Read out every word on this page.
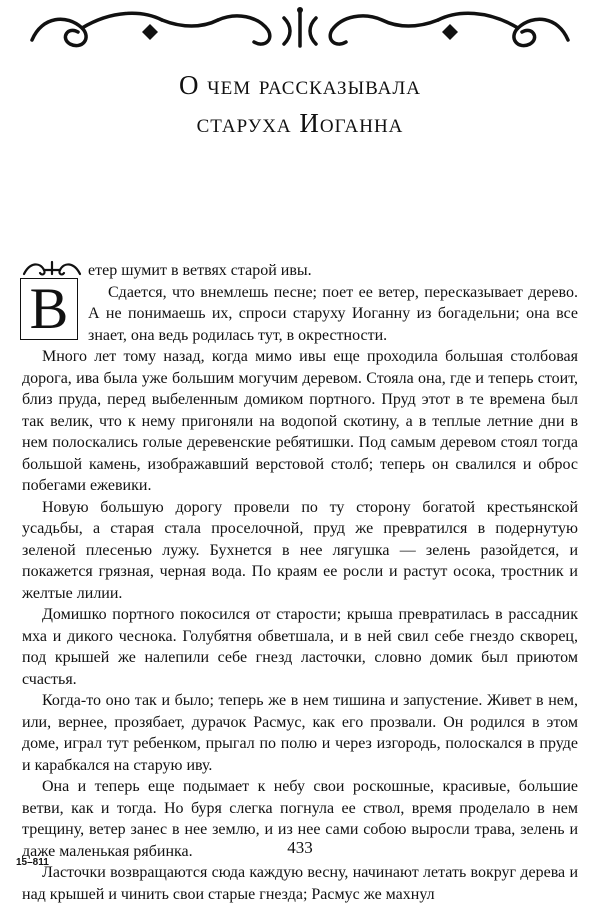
О чем рассказывала
старуха Иоганна
В

етер шумит в ветвях старой ивы.

Сдается, что внемлешь песне; поет ее ветер, пересказывает дерево. А не понимаешь их, спроси старуху Иоганну из богадельни; она все знает, она ведь родилась тут, в окрестности.

Много лет тому назад, когда мимо ивы еще проходила большая столбовая дорога, ива была уже большим могучим деревом. Стояла она, где и теперь стоит, близ пруда, перед выбеленным домиком портного. Пруд этот в те времена был так велик, что к нему пригоняли на водопой скотину, а в теплые летние дни в нем полоскались голые деревенские ребятишки. Под самым деревом стоял тогда большой камень, изображавший верстовой столб; теперь он свалился и оброс побегами ежевики.

Новую большую дорогу провели по ту сторону богатой крестьянской усадьбы, а старая стала проселочной, пруд же превратился в подернутую зеленой плесенью лужу. Бухнется в нее лягушка — зелень разойдется, и покажется грязная, черная вода. По краям ее росли и растут осока, тростник и желтые лилии.

Домишко портного покосился от старости; крыша превратилась в рассадник мха и дикого чеснока. Голубятня обветшала, и в ней свил себе гнездо скворец, под крышей же налепили себе гнезд ласточки, словно домик был приютом счастья.

Когда-то оно так и было; теперь же в нем тишина и запустение. Живет в нем, или, вернее, прозябает, дурачок Расмус, как его прозвали. Он родился в этом доме, играл тут ребенком, прыгал по полю и через изгородь, полоскался в пруде и карабкался на старую иву.

Она и теперь еще подымает к небу свои роскошные, красивые, большие ветви, как и тогда. Но буря слегка погнула ее ствол, время проделало в нем трещину, ветер занес в нее землю, и из нее сами собою выросли трава, зелень и даже маленькая рябинка.

Ласточки возвращаются сюда каждую весну, начинают летать вокруг дерева и над крышей и чинить свои старые гнезда; Расмус же махнул

433
15–811
